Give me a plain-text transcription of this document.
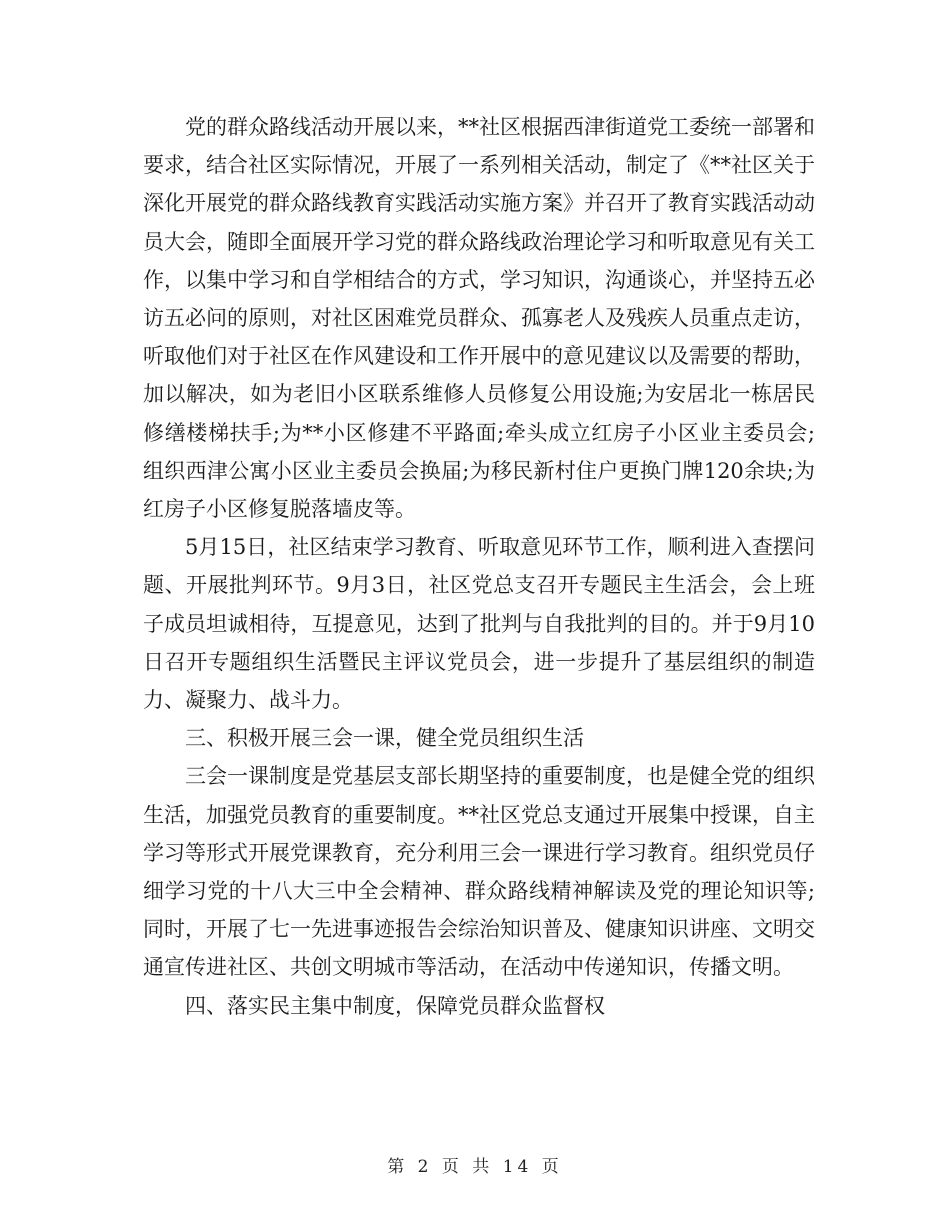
党的群众路线活动开展以来，**社区根据西津街道党工委统一部署和要求，结合社区实际情况，开展了一系列相关活动，制定了《**社区关于深化开展党的群众路线教育实践活动实施方案》并召开了教育实践活动动员大会，随即全面展开学习党的群众路线政治理论学习和听取意见有关工作，以集中学习和自学相结合的方式，学习知识，沟通谈心，并坚持五必访五必问的原则，对社区困难党员群众、孤寡老人及残疾人员重点走访，听取他们对于社区在作风建设和工作开展中的意见建议以及需要的帮助，加以解决，如为老旧小区联系维修人员修复公用设施;为安居北一栋居民修缮楼梯扶手;为**小区修建不平路面;牵头成立红房子小区业主委员会;组织西津公寓小区业主委员会换届;为移民新村住户更换门牌120余块;为红房子小区修复脱落墙皮等。

5月15日，社区结束学习教育、听取意见环节工作，顺利进入查摆问题、开展批判环节。9月3日，社区党总支召开专题民主生活会，会上班子成员坦诚相待，互提意见，达到了批判与自我批判的目的。并于9月10日召开专题组织生活暨民主评议党员会，进一步提升了基层组织的制造力、凝聚力、战斗力。

三、积极开展三会一课，健全党员组织生活

三会一课制度是党基层支部长期坚持的重要制度，也是健全党的组织生活，加强党员教育的重要制度。**社区党总支通过开展集中授课，自主学习等形式开展党课教育，充分利用三会一课进行学习教育。组织党员仔细学习党的十八大三中全会精神、群众路线精神解读及党的理论知识等;同时，开展了七一先进事迹报告会综治知识普及、健康知识讲座、文明交通宣传进社区、共创文明城市等活动，在活动中传递知识，传播文明。

四、落实民主集中制度，保障党员群众监督权

第 2 页 共 14 页
